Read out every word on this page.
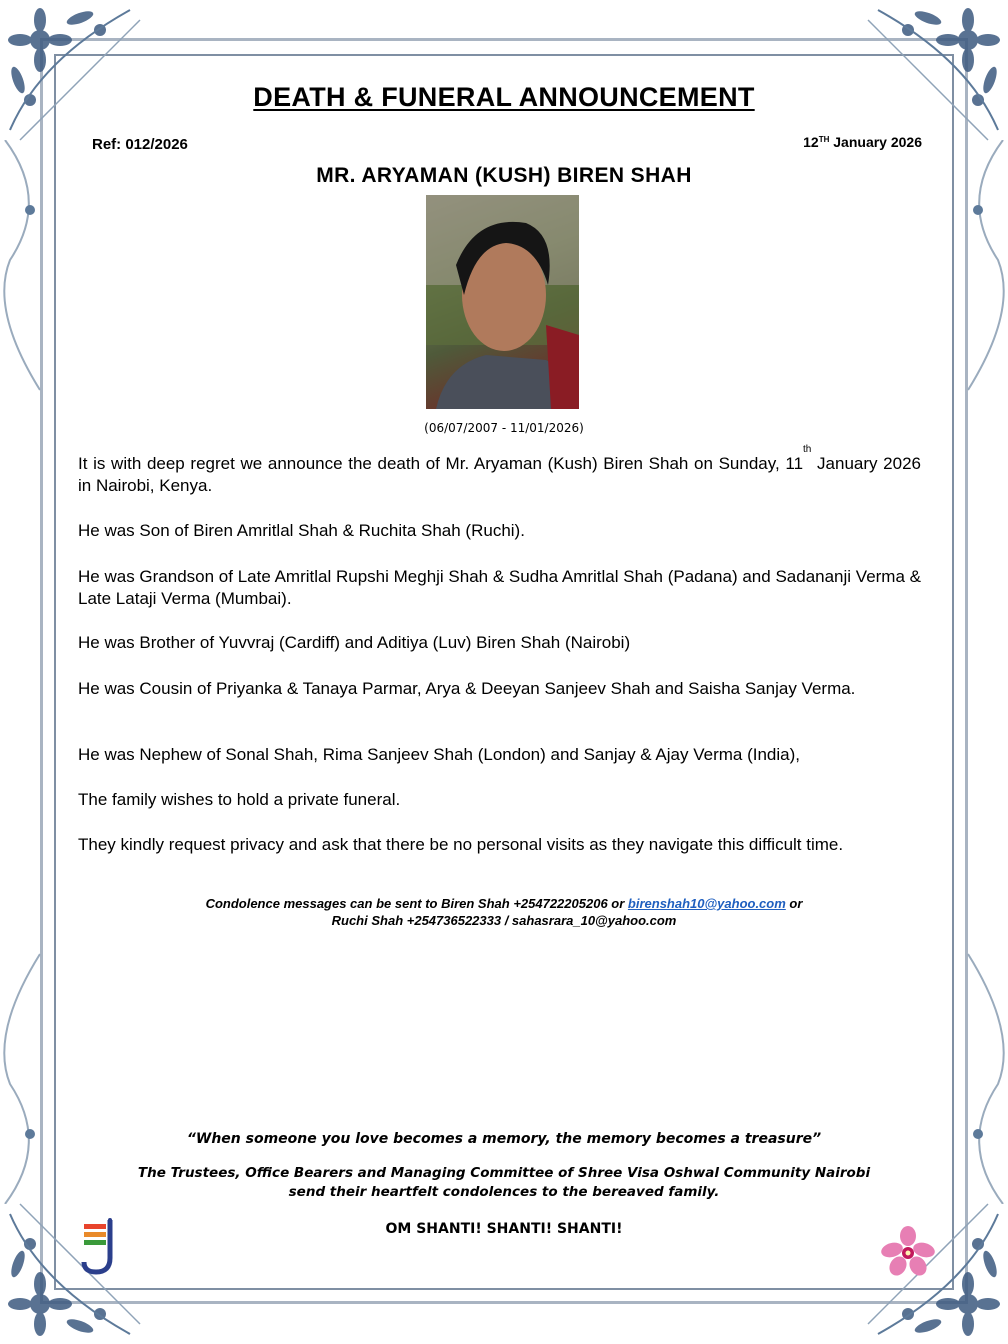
DEATH & FUNERAL ANNOUNCEMENT
Ref: 012/2026	12TH January 2026
MR. ARYAMAN (KUSH) BIREN SHAH
(06/07/2007 - 11/01/2026)
It is with deep regret we announce the death of Mr. Aryaman (Kush) Biren Shah on Sunday, 11th January 2026 in Nairobi, Kenya.
He was Son of Biren Amritlal Shah & Ruchita Shah (Ruchi).
He was Grandson of Late Amritlal Rupshi Meghji Shah & Sudha Amritlal Shah (Padana) and Sadananji Verma & Late Lataji Verma (Mumbai).
He was Brother of Yuvvraj (Cardiff) and Aditiya (Luv) Biren Shah (Nairobi)
He was Cousin of Priyanka & Tanaya Parmar, Arya & Deeyan Sanjeev Shah and Saisha Sanjay Verma.
He was Nephew of Sonal Shah, Rima Sanjeev Shah (London) and Sanjay & Ajay Verma (India),
The family wishes to hold a private funeral.
They kindly request privacy and ask that there be no personal visits as they navigate this difficult time.
Condolence messages can be sent to Biren Shah +254722205206 or birenshah10@yahoo.com or
Ruchi Shah +254736522333 / sahasrara_10@yahoo.com
“When someone you love becomes a memory, the memory becomes a treasure”
The Trustees, Office Bearers and Managing Committee of Shree Visa Oshwal Community Nairobi
send their heartfelt condolences to the bereaved family.
OM SHANTI! SHANTI! SHANTI!
